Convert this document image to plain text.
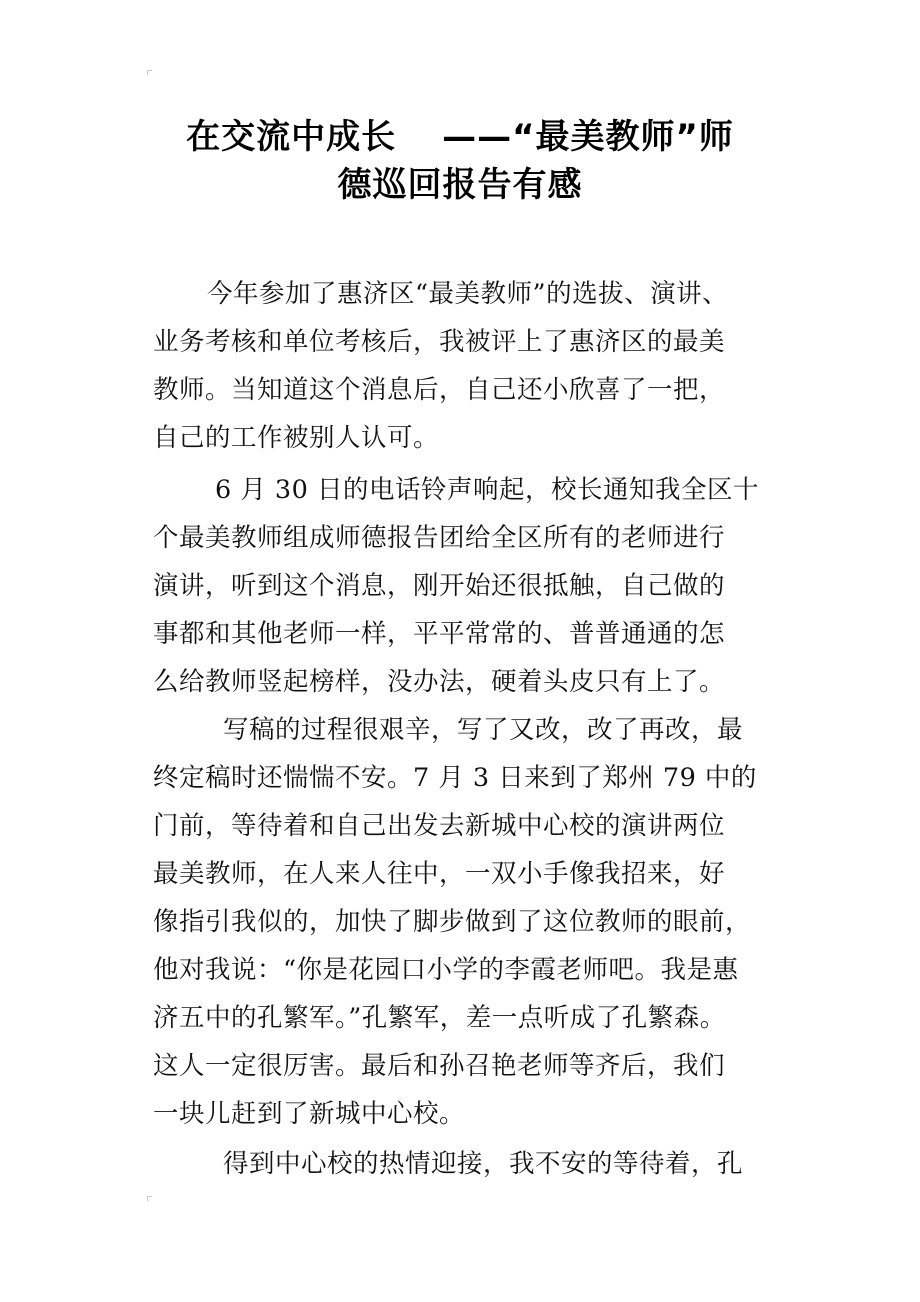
在交流中成长 ——“最美教师”师
德巡回报告有感

今年参加了惠济区“最美教师”的选拔、演讲、
业务考核和单位考核后，我被评上了惠济区的最美
教师。当知道这个消息后，自己还小欣喜了一把，
自己的工作被别人认可。

6 月 30 日的电话铃声响起，校长通知我全区十
个最美教师组成师德报告团给全区所有的老师进行
演讲，听到这个消息，刚开始还很抵触，自己做的
事都和其他老师一样，平平常常的、普普通通的怎
么给教师竖起榜样，没办法，硬着头皮只有上了。

写稿的过程很艰辛，写了又改，改了再改，最
终定稿时还惴惴不安。7 月 3 日来到了郑州 79 中的
门前，等待着和自己出发去新城中心校的演讲两位
最美教师，在人来人往中，一双小手像我招来，好
像指引我似的，加快了脚步做到了这位教师的眼前，
他对我说：“你是花园口小学的李霞老师吧。我是惠
济五中的孔繁军。”孔繁军，差一点听成了孔繁森。
这人一定很厉害。最后和孙召艳老师等齐后，我们
一块儿赶到了新城中心校。

得到中心校的热情迎接，我不安的等待着，孔
